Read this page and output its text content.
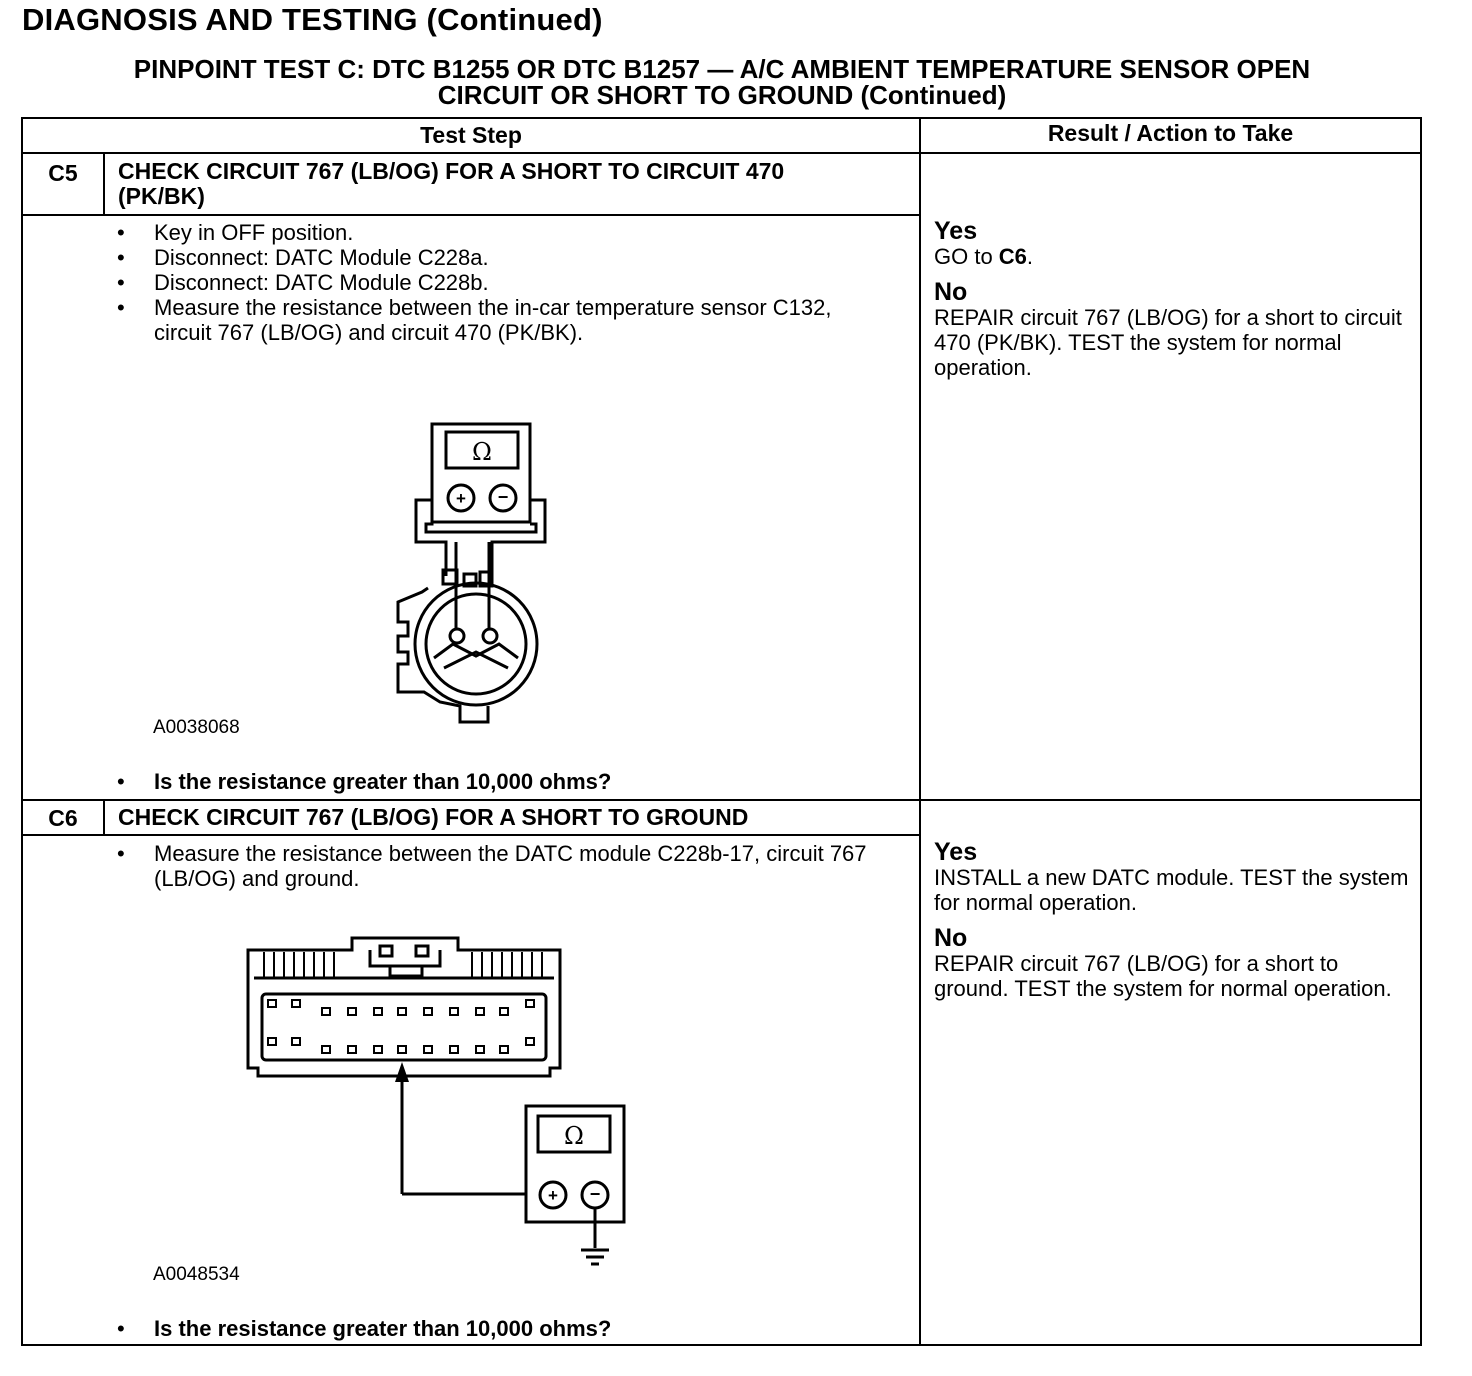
DIAGNOSIS AND TESTING (Continued)
PINPOINT TEST C: DTC B1255 OR DTC B1257 — A/C AMBIENT TEMPERATURE SENSOR OPEN
CIRCUIT OR SHORT TO GROUND (Continued)
Test Step	Result / Action to Take
C5	CHECK CIRCUIT 767 (LB/OG) FOR A SHORT TO CIRCUIT 470
(PK/BK)
• Key in OFF position.
• Disconnect: DATC Module C228a.
• Disconnect: DATC Module C228b.
• Measure the resistance between the in-car temperature sensor C132, circuit 767 (LB/OG) and circuit 470 (PK/BK).
Ω
+ −
A0038068
• Is the resistance greater than 10,000 ohms?
Yes
GO to C6.
No
REPAIR circuit 767 (LB/OG) for a short to circuit 470 (PK/BK). TEST the system for normal operation.
C6	CHECK CIRCUIT 767 (LB/OG) FOR A SHORT TO GROUND
• Measure the resistance between the DATC module C228b-17, circuit 767 (LB/OG) and ground.
Ω
+ −
A0048534
• Is the resistance greater than 10,000 ohms?
Yes
INSTALL a new DATC module. TEST the system for normal operation.
No
REPAIR circuit 767 (LB/OG) for a short to ground. TEST the system for normal operation.
